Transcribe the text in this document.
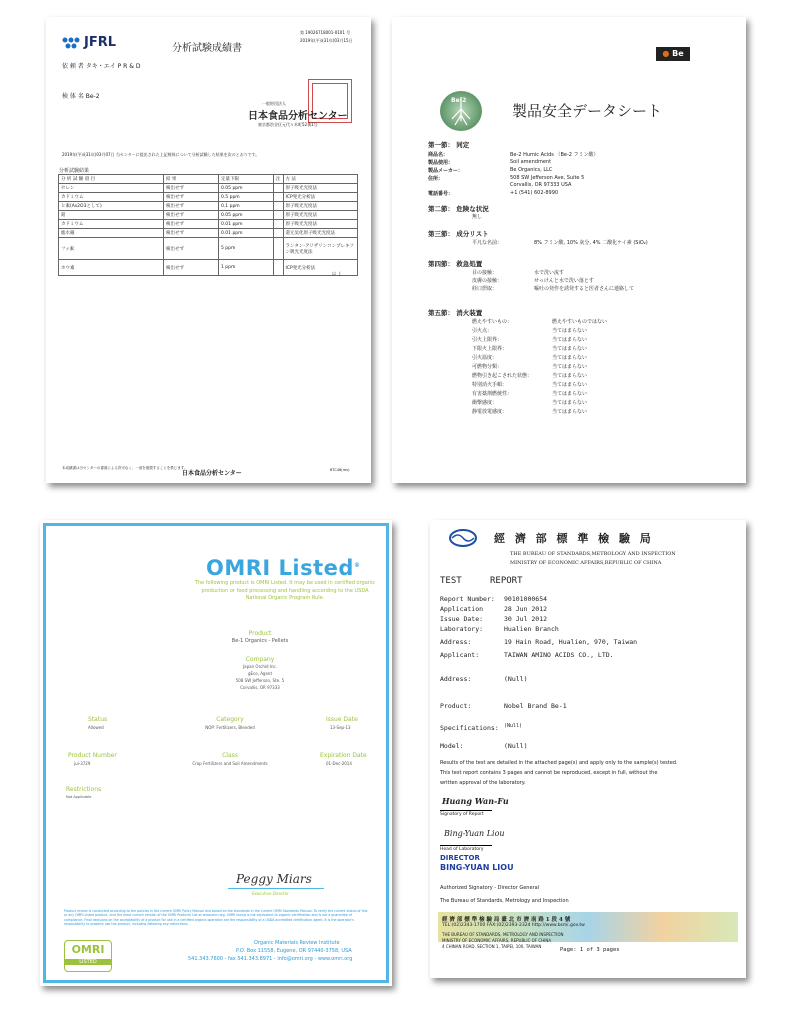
JFRL	分析試験成績書
第 19026718001-0101 号
2019年(平成31年)03月15日
依 頼 者 タキ・エイ P R & D
検 体 名 Be-2
一般財団法人
日本食品分析センター
東京都渋谷区元代々木町52番1号
2019年(平成31年)03月07日 当センターに提出された上記検体について分析試験した結果を次のとおりです。
分析試験結果
分 析 試 験 項 目	結 果	定量下限	注	方 法
セレン	検出せず	0.05 ppm		原子吸光光度法
カドミウム	検出せず	0.5 ppm		ICP発光分析法
ヒ素(As2O3として)	検出せず	0.1 ppm		原子吸光光度法
鉛	検出せず	0.05 ppm		原子吸光光度法
カドミウム	検出せず	0.01 ppm		原子吸光光度法
総水銀	検出せず	0.01 ppm		還元気化原子吸光光度法
フッ素	検出せず	5 ppm		ランタン-アリザリンコンプレキソン吸光光度法
ホウ素	検出せず	1 ppm		ICP発光分析法
以 上
本成績書は当センターの書面による許可なく、一部を複製することを禁じます。
日本食品分析センター	BTC46(rev)
● Be
Be-2
製品安全データシート
第一節： 同定
商品名：	Be-2 Humic Acids （Be-2 フミン酸）
製品使用：	Soil amendment
製品メーカー：	Be Organics, LLC
住所：	508 SW Jefferson Ave, Suite 5
Corvallis, OR 97333 USA
電話番号：	+1 (541) 602-8990
第二節： 危険な状況
無し
第三節： 成分リスト
平凡な名前：	8% フミン酸, 10% 灰分, 4% 二酸化ケイ素 (SiO₂)
第四節： 救急処置
目の接触：	水で洗い流す
皮膚の接触：	せっけんと水で洗い落とす
経口摂取：	嘔吐の発作を誘発すると医者さんに連絡して
第五節： 消火装置
燃えやすいもの：	燃えやすいものではない
引火点：	当てはまらない
引火上限界：	当てはまらない
下限火上限界：	当てはまらない
引火温度：	当てはまらない
可燃物分類：	当てはまらない
燃物引き起こされた状態：	当てはまらない
特別消火手順：	当てはまらない
有害薬剤燃焼性：	当てはまらない
衝撃感度：	当てはまらない
静電放電感度：	当てはまらない
OMRI Listed®
The following product is OMRI Listed. It may be used in certified organic production or food processing and handling according to the USDA National Organic Program Rule.
Product
Be-1 Organics - Pellets
Company
Japan Orchid Inc.
gEco, Agent
508 SW Jefferson, Ste. 5
Corvallis, OR 97333
Status
Allowed
Category
NOP: Fertilizers, Blended
Issue Date
13-Sep-13
Product Number
jui-3729
Class
Crop Fertilizers and Soil Amendments
Expiration Date
01-Dec-2014
Restrictions
Not Applicable
Peggy Miars
Executive Director
Product review is conducted according to the policies in the current OMRI Policy Manual and based on the standards in the current OMRI Standards Manual. To verify the current status of this or any OMRI Listed product, visit the most current version of the OMRI Products List at www.omri.org. OMRI listing is not equivalent to organic certification and is not a guarantee of compliance. Final decisions on the acceptability of a product for use in a certified organic operation are the responsibility of a USDA accredited certification agent. It is the operator's responsibility to properly use the product, including following any restrictions.
OMRI
LISTED
Organic Materials Review Institute
P.O. Box 11558, Eugene, OR 97440-3758, USA
541.343.7600 - fax 541.343.8971 - info@omri.org - www.omri.org
經 濟 部 標 準 檢 驗 局
THE BUREAU OF STANDARDS,METROLOGY AND INSPECTION
MINISTRY OF ECONOMIC AFFAIRS,REPUBLIC OF CHINA
TEST	REPORT
Report Number: 90101000654
Application	28 Jun 2012
Issue Date:	30 Jul 2012
Laboratory:	Hualien Branch
Address:	19 Hain Road, Hualien, 970, Taiwan
Applicant:	TAIWAN AMINO ACIDS CO., LTD.
Address:	(Null)
Product:	Nobel Brand Be-1
Specifications: (Null)
Model:	(Null)
Results of the test are detailed in the attached page(s) and apply only to the sample(s) tested.
This test report contains 3 pages and cannot be reproduced, except in full, without the
written approval of the laboratory.
Huang Wan-Fu
Signatory of Report
Bing-Yuan Liou
Head of Laboratory
DIRECTOR
BING-YUAN LIOU
Authorized Signatory - Director General
The Bureau of Standards, Metrology and Inspection
經 濟 部 標 準 檢 驗 局 臺 北 市 濟 南 路 1 段 4 號
TEL:(02)2343-1700 FAX:(02)2393-2324 http://www.bsmi.gov.tw
THE BUREAU OF STANDARDS, METROLOGY AND INSPECTION
MINISTRY OF ECONOMIC AFFAIRS, REPUBLIC OF CHINA
4 CHINAN ROAD, SECTION 1, TAIPEI, 100, TAIWAN
Page: 1 of 3 pages
